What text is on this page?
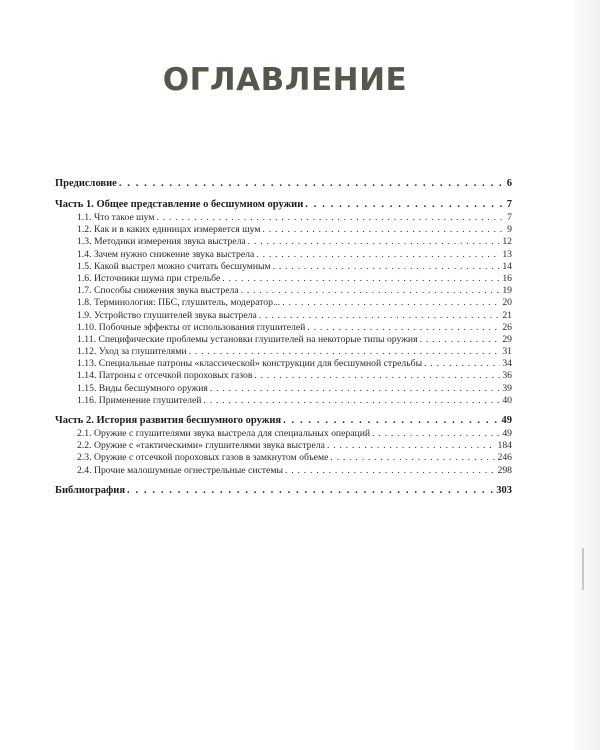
ОГЛАВЛЕНИЕ
Предисловие . . .	6
Часть 1. Общее представление о бесшумном оружии . . .	7
1.1. Что такое шум . . .	7
1.2. Как и в каких единицах измеряется шум . . .	9
1.3. Методики измерения звука выстрела . . .	12
1.4. Зачем нужно снижение звука выстрела . . .	13
1.5. Какой выстрел можно считать бесшумным . . .	14
1.6. Источники шума при стрельбе . . .	16
1.7. Способы снижения звука выстрела . . .	19
1.8. Терминология: ПБС, глушитель, модератор... . . .	20
1.9. Устройство глушителей звука выстрела . . .	21
1.10. Побочные эффекты от использования глушителей . . .	26
1.11. Специфические проблемы установки глушителей на некоторые типы оружия . . .	29
1.12. Уход за глушителями . . .	31
1.13. Специальные патроны «классической» конструкции для бесшумной стрельбы . . .	34
1.14. Патроны с отсечкой пороховых газов . . .	36
1.15. Виды бесшумного оружия . . .	39
1.16. Применение глушителей . . .	40
Часть 2. История развития бесшумного оружия . . .	49
2.1. Оружие с глушителями звука выстрела для специальных операций . . .	49
2.2. Оружие с «тактическими» глушителями звука выстрела . . .	184
2.3. Оружие с отсечкой пороховых газов в замкнутом объеме . . .	246
2.4. Прочие малошумные огнестрельные системы . . .	298
Библиография . . .	303
